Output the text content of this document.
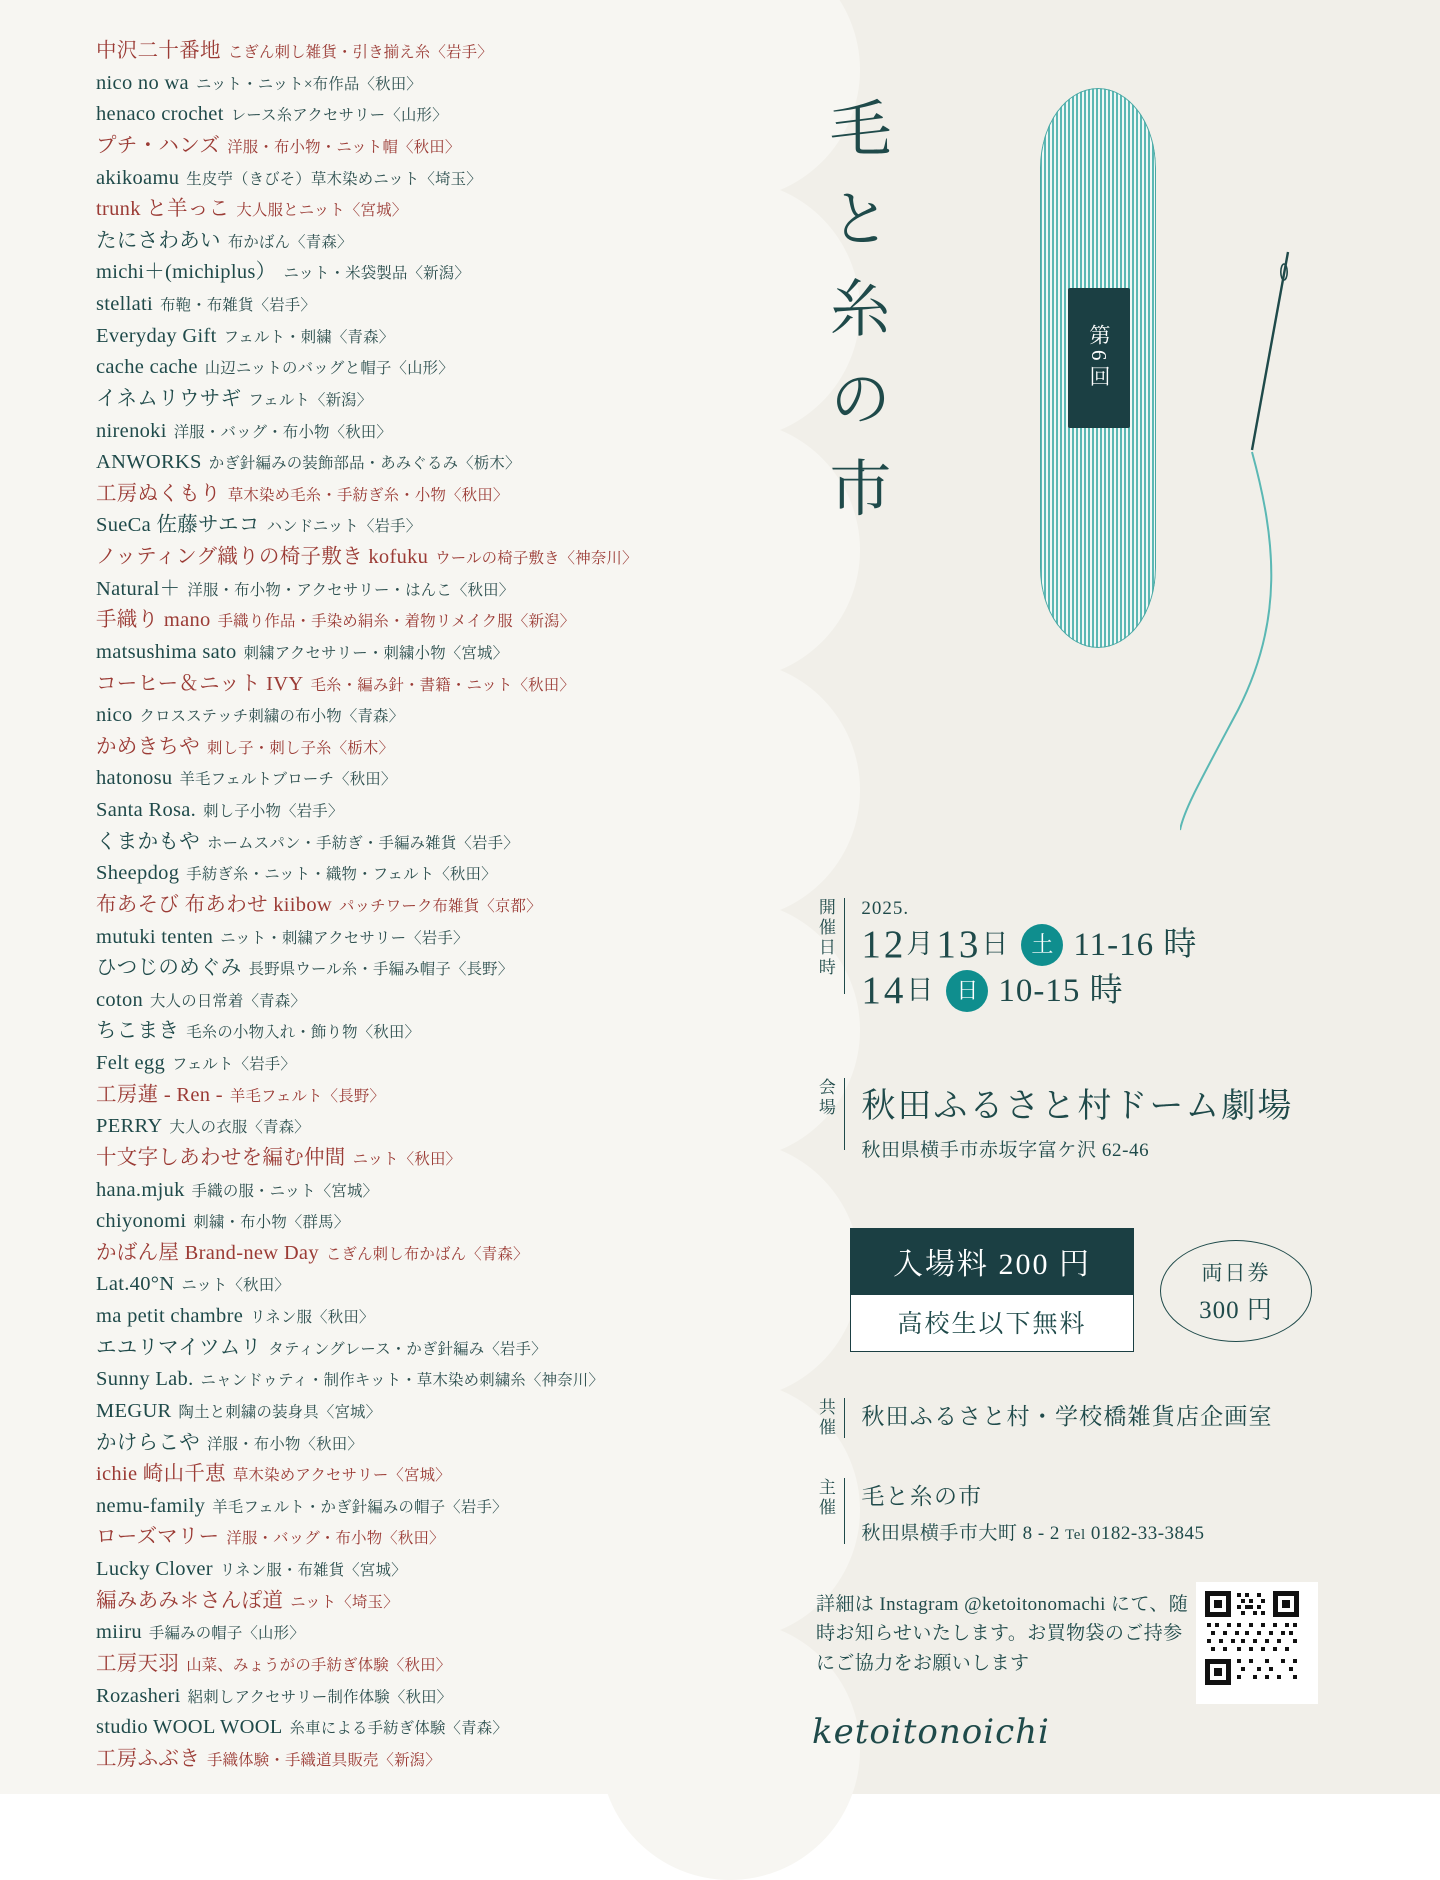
中沢二十番地 こぎん刺し雑貨・引き揃え糸〈岩手〉
nico no wa ニット・ニット×布作品〈秋田〉
henaco crochet レース糸アクセサリー〈山形〉
プチ・ハンズ 洋服・布小物・ニット帽〈秋田〉
akikoamu 生皮苧（きびそ）草木染めニット〈埼玉〉
trunk と羊っこ 大人服とニット〈宮城〉
たにさわあい 布かばん〈青森〉
michi＋(michiplus） ニット・米袋製品〈新潟〉
stellati 布鞄・布雑貨〈岩手〉
Everyday Gift フェルト・刺繍〈青森〉
cache cache 山辺ニットのバッグと帽子〈山形〉
イネムリウサギ フェルト〈新潟〉
nirenoki 洋服・バッグ・布小物〈秋田〉
ANWORKS かぎ針編みの装飾部品・あみぐるみ〈栃木〉
工房ぬくもり 草木染め毛糸・手紡ぎ糸・小物〈秋田〉
SueCa 佐藤サエコ ハンドニット〈岩手〉
ノッティング織りの椅子敷き kofuku ウールの椅子敷き〈神奈川〉
Natural＋ 洋服・布小物・アクセサリー・はんこ〈秋田〉
手織り mano 手織り作品・手染め絹糸・着物リメイク服〈新潟〉
matsushima sato 刺繍アクセサリー・刺繍小物〈宮城〉
コーヒー＆ニット IVY 毛糸・編み針・書籍・ニット〈秋田〉
nico クロスステッチ刺繍の布小物〈青森〉
かめきちや 刺し子・刺し子糸〈栃木〉
hatonosu 羊毛フェルトブローチ〈秋田〉
Santa Rosa. 刺し子小物〈岩手〉
くまかもや ホームスパン・手紡ぎ・手編み雑貨〈岩手〉
Sheepdog 手紡ぎ糸・ニット・織物・フェルト〈秋田〉
布あそび 布あわせ kiibow パッチワーク布雑貨〈京都〉
mutuki tenten ニット・刺繍アクセサリー〈岩手〉
ひつじのめぐみ 長野県ウール糸・手編み帽子〈長野〉
coton 大人の日常着〈青森〉
ちこまき 毛糸の小物入れ・飾り物〈秋田〉
Felt egg フェルト〈岩手〉
工房蓮 - Ren - 羊毛フェルト〈長野〉
PERRY 大人の衣服〈青森〉
十文字しあわせを編む仲間 ニット〈秋田〉
hana.mjuk 手織の服・ニット〈宮城〉
chiyonomi 刺繍・布小物〈群馬〉
かばん屋 Brand-new Day こぎん刺し布かばん〈青森〉
Lat.40°N ニット〈秋田〉
ma petit chambre リネン服〈秋田〉
エユリマイツムリ タティングレース・かぎ針編み〈岩手〉
Sunny Lab. ニャンドゥティ・制作キット・草木染め刺繍糸〈神奈川〉
MEGUR 陶土と刺繍の装身具〈宮城〉
かけらこや 洋服・布小物〈秋田〉
ichie 崎山千恵 草木染めアクセサリー〈宮城〉
nemu-family 羊毛フェルト・かぎ針編みの帽子〈岩手〉
ローズマリー 洋服・バッグ・布小物〈秋田〉
Lucky Clover リネン服・布雑貨〈宮城〉
編みあみ＊さんぽ道 ニット〈埼玉〉
miiru 手編みの帽子〈山形〉
工房天羽 山菜、みょうがの手紡ぎ体験〈秋田〉
Rozasheri 絽刺しアクセサリー制作体験〈秋田〉
studio WOOL WOOL 糸車による手紡ぎ体験〈青森〉
工房ふぶき 手織体験・手織道具販売〈新潟〉
毛と糸の市	第6回
開催日時	2025.
12 月 13 日 土 11-16 時
14 日 日 10-15 時
会場 秋田ふるさと村ドーム劇場
秋田県横手市赤坂字富ケ沢 62-46
入場料 200 円
高校生以下無料
両日券
300 円
共催	秋田ふるさと村・学校橋雑貨店企画室
主催	毛と糸の市
秋田県横手市大町 8 - 2 Tel 0182-33-3845
詳細は Instagram @ketoitonomachi にて、随時お知らせいたします。お買物袋のご持参にご協力をお願いします
ketoitonoichi
